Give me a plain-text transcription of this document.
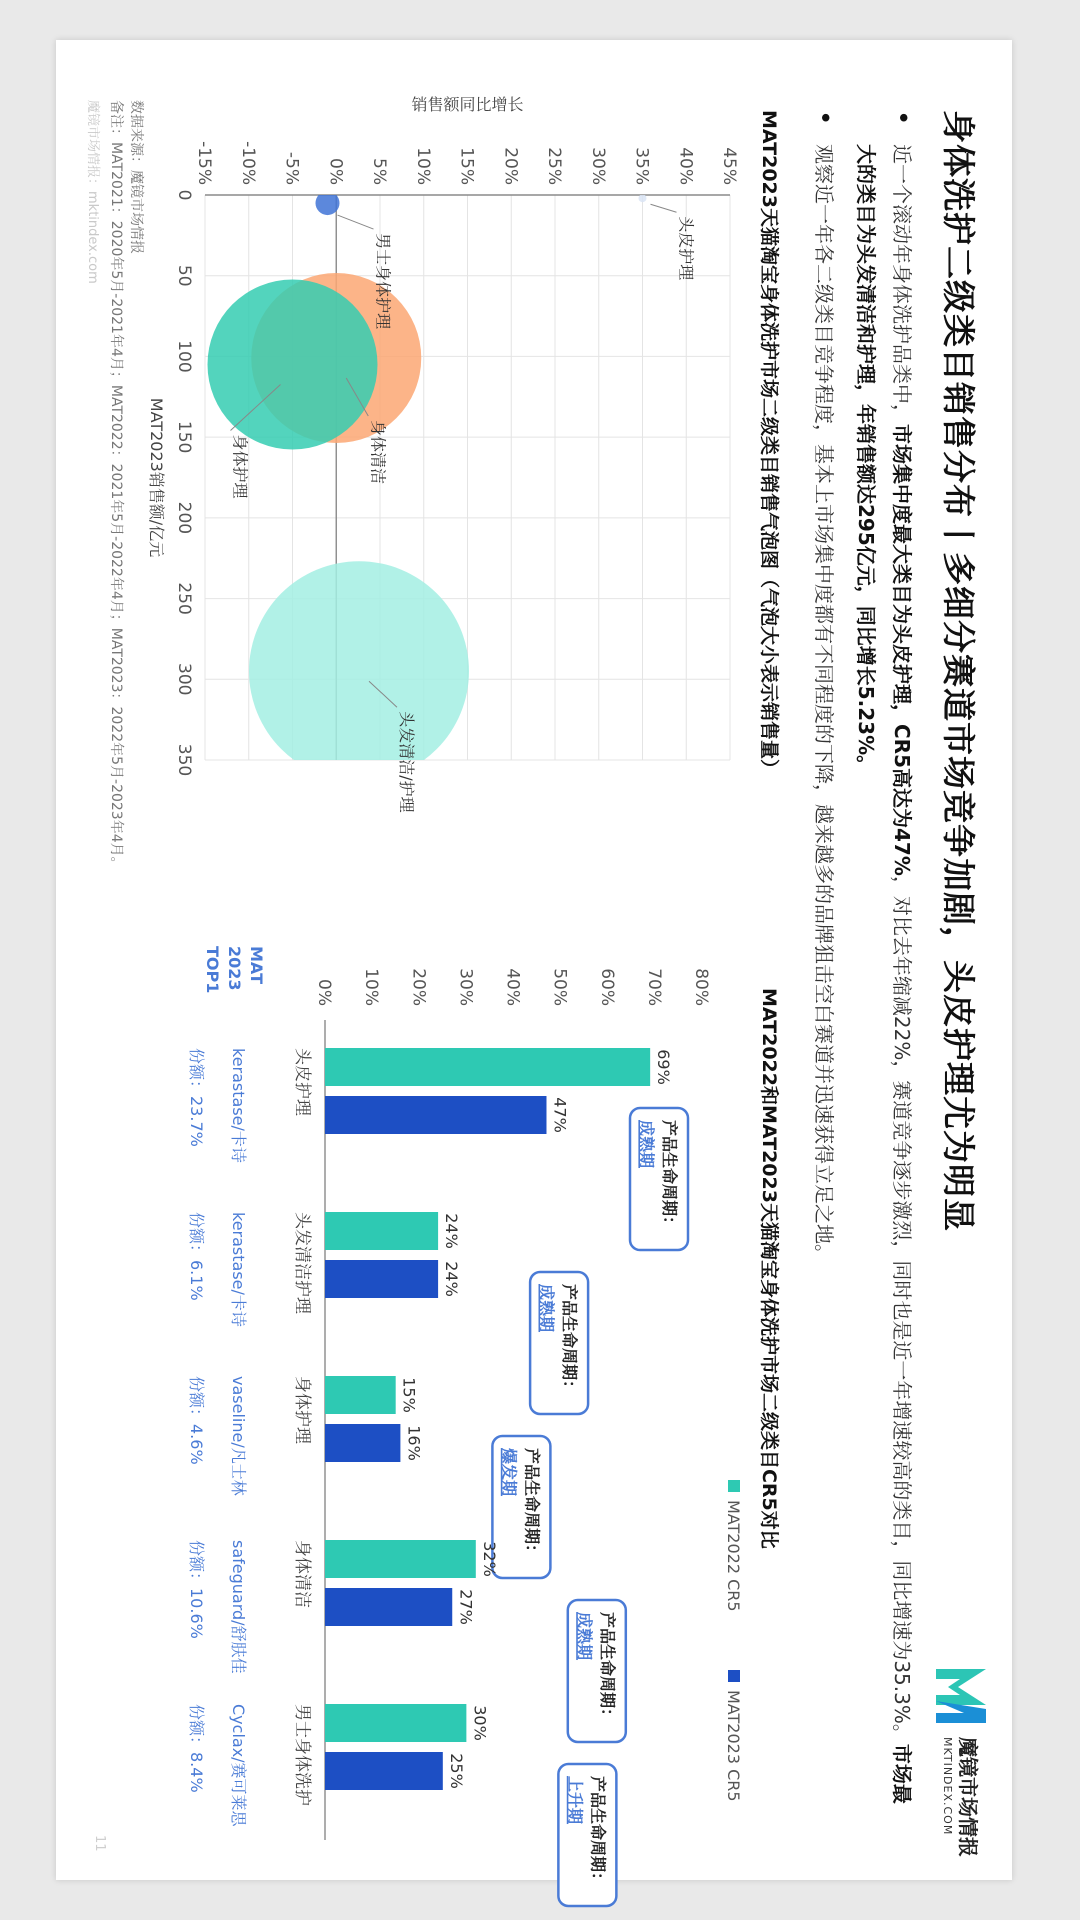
身体洗护二级类目销售分布丨多细分赛道市场竞争加剧，头皮护理尤为明显
魔镜市场情报
MKTINDEX.COM
•
近一个滚动年身体洗护品类中，市场集中度最大类目为头皮护理，CR5高达为47%，对比去年缩减22%，赛道竞争逐步激烈，同时也是近一年增速较高的类目，同比增速为35.3%。市场最大的类目为头发清洁和护理，年销售额达295亿元，同比增长5.23%。
•
观察近一年各二级类目竞争程度，基本上市场集中度都有不同程度的下降，越来越多的品牌狙击空白赛道并迅速获得立足之地。
MAT2023天猫淘宝身体洗护市场二级类目销售气泡图（气泡大小表示销售量）
MAT2022和MAT2023天猫淘宝身体洗护市场二级类目CR5对比
-15% -10% -5% 0% 5% 10% 15% 20% 25% 30% 35% 40% 45%
0
50
100
150
200
250
300
350
头皮护理
男士身体护理
身体清洁
身体护理
头发清洁/护理
MAT2023销售额/亿元
销售额同比增长
MAT2022 CR5
MAT2023 CR5
0% 10% 20% 30% 40% 50% 60% 70% 80%
69%
47%
头皮护理
产品生命周期：
成熟期
kerastase/卡诗
份额：23.7%
24%
24%
头发清洁护理
产品生命周期：
成熟期
kerastase/卡诗
份额：6.1%
15%
16%
身体护理
产品生命周期：
爆发期
vaseline/凡士林
份额：4.6%
32%
27%
身体清洁
产品生命周期：
成熟期
safeguard/舒肤佳
份额：10.6%
30%
25%
男士身体洗护
产品生命周期：
上升期
Cyclax/赛可莱思
份额：8.4%
MAT
2023
TOP1
数据来源：魔镜市场情报
备注：MAT2021：2020年5月-2021年4月；MAT2022：2021年5月-2022年4月；MAT2023：2022年5月-2023年4月。
魔镜市场情报：mktindex.com
11
